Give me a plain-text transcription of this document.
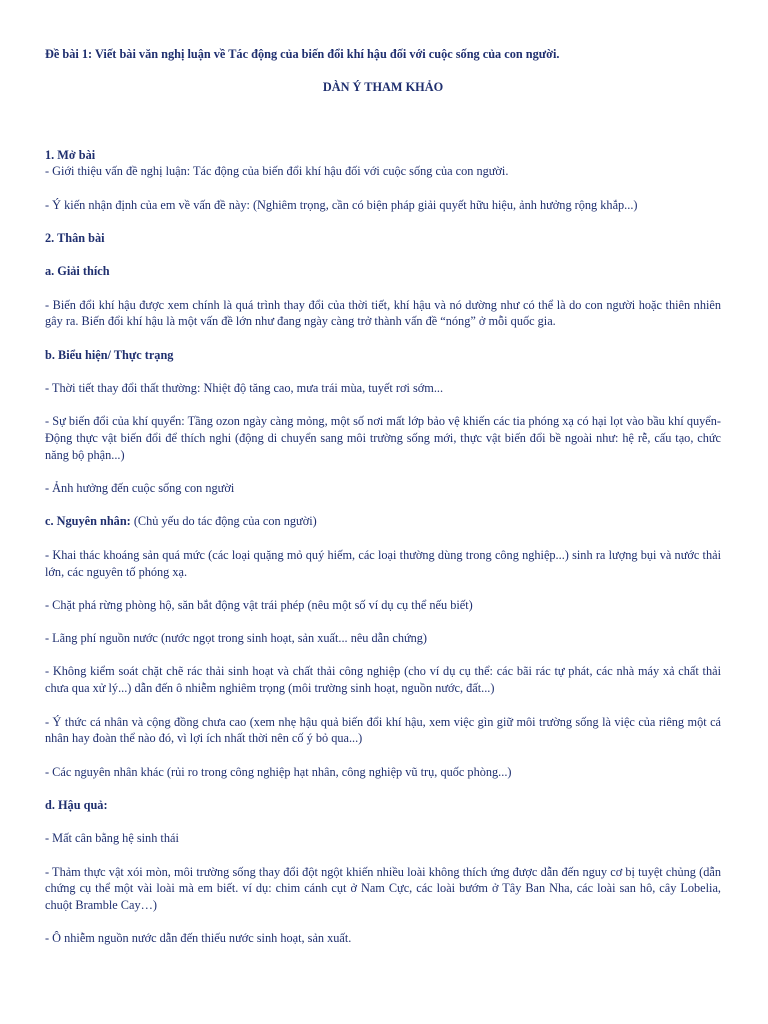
Đề bài 1: Viết bài văn nghị luận về Tác động của biến đổi khí hậu đối với cuộc sống của con người.

DÀN Ý THAM KHẢO

1. Mở bài

- Giới thiệu vấn đề nghị luận: Tác động của biến đổi khí hậu đối với cuộc sống của con người.

- Ý kiến nhận định của em về vấn đề này: (Nghiêm trọng, cần có biện pháp giải quyết hữu hiệu, ảnh hưởng rộng khắp...)

2. Thân bài

a. Giải thích

- Biến đổi khí hậu được xem chính là quá trình thay đổi của thời tiết, khí hậu và nó dường như có thể là do con người hoặc thiên nhiên gây ra. Biến đổi khí hậu là một vấn đề lớn như đang ngày càng trở thành vấn đề “nóng” ở mỗi quốc gia.

b. Biểu hiện/ Thực trạng

- Thời tiết thay đổi thất thường: Nhiệt độ tăng cao, mưa trái mùa, tuyết rơi sớm...

- Sự biến đổi của khí quyển: Tầng ozon ngày càng mỏng, một số nơi mất lớp bảo vệ khiến các tia phóng xạ có hại lọt vào bầu khí quyển- Động thực vật biến đổi để thích nghi (động di chuyển sang môi trường sống mới, thực vật biến đổi bề ngoài như: hệ rễ, cấu tạo, chức năng bộ phận...)

- Ảnh hưởng đến cuộc sống con người

c. Nguyên nhân: (Chủ yếu do tác động của con người)

- Khai thác khoáng sản quá mức (các loại quặng mỏ quý hiếm, các loại thường dùng trong công nghiệp...) sinh ra lượng bụi và nước thải lớn, các nguyên tố phóng xạ.

- Chặt phá rừng phòng hộ, săn bắt động vật trái phép (nêu một số ví dụ cụ thể nếu biết)

- Lãng phí nguồn nước (nước ngọt trong sinh hoạt, sản xuất... nêu dẫn chứng)

- Không kiểm soát chặt chẽ rác thải sinh hoạt và chất thải công nghiệp (cho ví dụ cụ thể: các bãi rác tự phát, các nhà máy xả chất thải chưa qua xử lý...) dẫn đến ô nhiễm nghiêm trọng (môi trường sinh hoạt, nguồn nước, đất...)

- Ý thức cá nhân và cộng đồng chưa cao (xem nhẹ hậu quả biến đổi khí hậu, xem việc gìn giữ môi trường sống là việc của riêng một cá nhân hay đoàn thể nào đó, vì lợi ích nhất thời nên cố ý bỏ qua...)

- Các nguyên nhân khác (rủi ro trong công nghiệp hạt nhân, công nghiệp vũ trụ, quốc phòng...)

d. Hậu quả:

- Mất cân bằng hệ sinh thái

- Thảm thực vật xói mòn, môi trường sống thay đổi đột ngột khiến nhiều loài không thích ứng được dẫn đến nguy cơ bị tuyệt chủng (dẫn chứng cụ thể một vài loài mà em biết. ví dụ: chim cánh cụt ở Nam Cực, các loài bướm ở Tây Ban Nha, các loài san hô, cây Lobelia, chuột Bramble Cay…)

- Ô nhiễm nguồn nước dẫn đến thiếu nước sinh hoạt, sản xuất.
